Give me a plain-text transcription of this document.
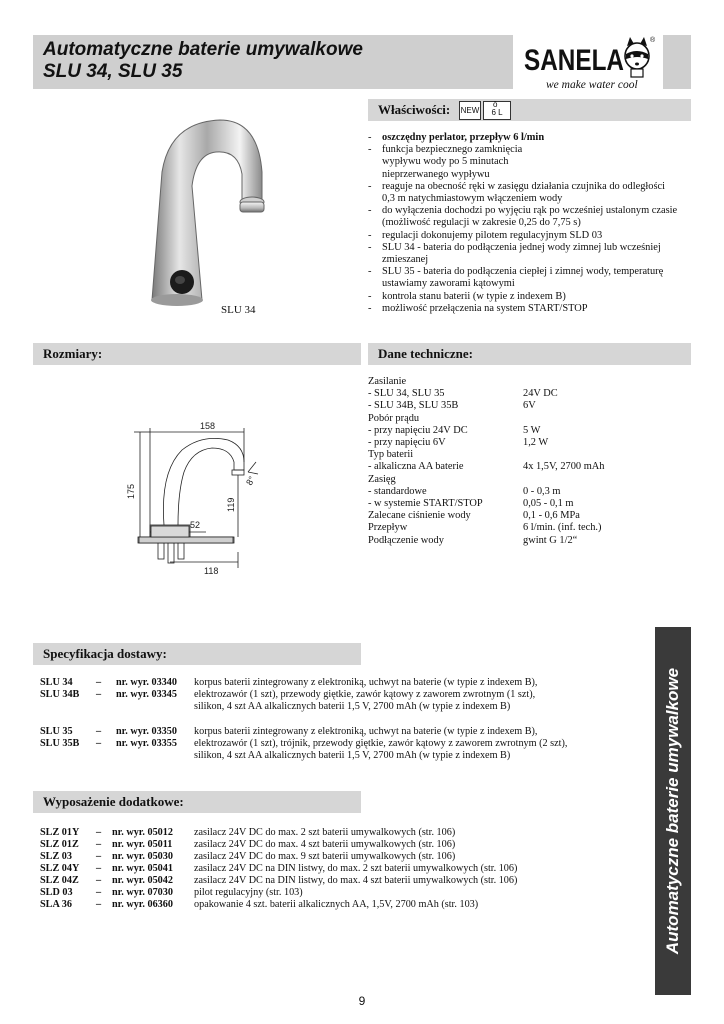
Automatyczne baterie umywalkowe
SLU 34, SLU 35	SANELA
®
we make water cool
SLU 34
Właściwości: NEW
ô
6 L
-	oszczędny perlator, przepływ 6 l/min
-	funkcja bezpiecznego zamknięcia wypływu wody po 5 minutach nieprzerwanego wypływu
-	reaguje na obecność ręki w zasięgu działania czujnika do odległości 0,3 m natychmiastowym włączeniem wody
-	do wyłączenia dochodzi po wyjęciu rąk po wcześniej ustalonym czasie (możliwość regulacji w zakresie 0,25 do 7,75 s)
-	regulacji dokonujemy pilotem regulacyjnym SLD 03
-	SLU 34 - bateria do podłączenia jednej wody zimnej lub wcześniej zmieszanej
-	SLU 35 - bateria do podłączenia ciepłej i zimnej wody, temperaturę ustawiamy zaworami kątowymi
-	kontrola stanu baterii (w typie z indexem B)
-	możliwość przełączenia na system START/STOP
Rozmiary:
158
175
119
8°
52
118
Dane techniczne:
Zasilanie
- SLU 34, SLU 35	24V DC
- SLU 34B, SLU 35B	6V
Pobór prądu
- przy napięciu 24V DC	5 W
- przy napięciu 6V	1,2 W
Typ baterii
- alkaliczna AA baterie	4x 1,5V, 2700 mAh
Zasięg
- standardowe	0 - 0,3 m
- w systemie START/STOP	0,05 - 0,1 m
Zalecane ciśnienie wody	0,1 - 0,6 MPa
Przepływ	6 l/min. (inf. tech.)
Podłączenie wody	gwint G 1/2“
Specyfikacja dostawy:
SLU 34 – nr. wyr. 03340 korpus baterii zintegrowany z elektroniką, uchwyt na baterie (w typie z indexem B),
SLU 34B – nr. wyr. 03345 elektrozawór (1 szt), przewody giętkie, zawór kątowy z zaworem zwrotnym (1 szt),
silikon, 4 szt AA alkalicznych baterii 1,5 V, 2700 mAh (w typie z indexem B)
SLU 35 – nr. wyr. 03350 korpus baterii zintegrowany z elektroniką, uchwyt na baterie (w typie z indexem B),
SLU 35B – nr. wyr. 03355 elektrozawór (1 szt), trójnik, przewody giętkie, zawór kątowy z zaworem zwrotnym (2 szt),
silikon, 4 szt AA alkalicznych baterii 1,5 V, 2700 mAh (w typie z indexem B)
Wyposażenie dodatkowe:
SLZ 01Y – nr. wyr. 05012 zasilacz 24V DC do max. 2 szt baterii umywalkowych (str. 106)
SLZ 01Z – nr. wyr. 05011 zasilacz 24V DC do max. 4 szt baterii umywalkowych (str. 106)
SLZ 03 – nr. wyr. 05030 zasilacz 24V DC do max. 9 szt baterii umywalkowych (str. 106)
SLZ 04Y – nr. wyr. 05041 zasilacz 24V DC na DIN listwy, do max. 2 szt baterii umywalkowych (str. 106)
SLZ 04Z – nr. wyr. 05042 zasilacz 24V DC na DIN listwy, do max. 4 szt baterii umywalkowych (str. 106)
SLD 03 – nr. wyr. 07030 pilot regulacyjny (str. 103)
SLA 36 – nr. wyr. 06360 opakowanie 4 szt. baterii alkalicznych AA, 1,5V, 2700 mAh (str. 103)	Automatyczne baterie umywalkowe
9
